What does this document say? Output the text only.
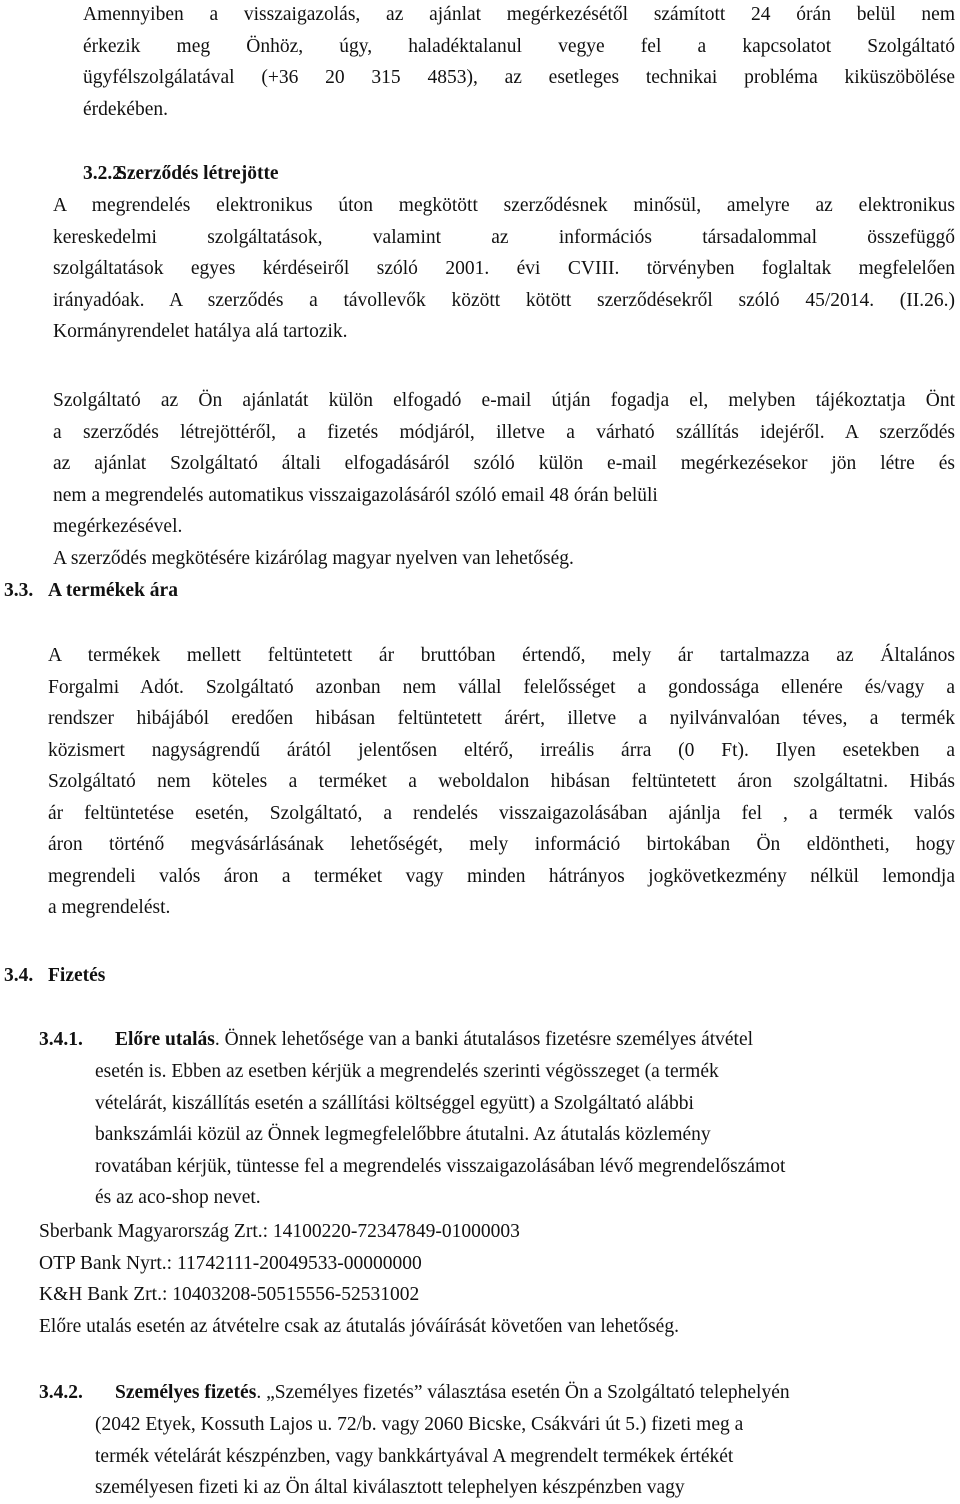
Amennyiben a visszaigazolás, az ajánlat megérkezésétől számított 24 órán belül nem
érkezik meg Önhöz, úgy, haladéktalanul vegye fel a kapcsolatot Szolgáltató
ügyfélszolgálatával (+36 20 315 4853), az esetleges technikai probléma kiküszöbölése
érdekében.
3.2.2.
Szerződés létrejötte
A megrendelés elektronikus úton megkötött szerződésnek minősül, amelyre az elektronikus
kereskedelmi szolgáltatások, valamint az információs társadalommal összefüggő
szolgáltatások egyes kérdéseiről szóló 2001. évi CVIII. törvényben foglaltak megfelelően
irányadóak. A szerződés a távollevők között kötött szerződésekről szóló 45/2014. (II.26.)
Kormányrendelet hatálya alá tartozik.
Szolgáltató az Ön ajánlatát külön elfogadó e-mail útján fogadja el, melyben tájékoztatja Önt
a szerződés létrejöttéről, a fizetés módjáról, illetve a várható szállítás idejéről. A szerződés
az ajánlat Szolgáltató általi elfogadásáról szóló külön e-mail megérkezésekor jön létre és
nem a megrendelés automatikus visszaigazolásáról szóló email 48 órán belüli
megérkezésével.
A szerződés megkötésére kizárólag magyar nyelven van lehetőség.
3.3. A termékek ára
A termékek mellett feltüntetett ár bruttóban értendő, mely ár tartalmazza az Általános
Forgalmi Adót. Szolgáltató azonban nem vállal felelősséget a gondossága ellenére és/vagy a
rendszer hibájából eredően hibásan feltüntetett árért, illetve a nyilvánvalóan téves, a termék
közismert nagyságrendű árától jelentősen eltérő, irreális árra (0 Ft). Ilyen esetekben a
Szolgáltató nem köteles a terméket a weboldalon hibásan feltüntetett áron szolgáltatni. Hibás
ár feltüntetése esetén, Szolgáltató, a rendelés visszaigazolásában ajánlja fel , a termék valós
áron történő megvásárlásának lehetőségét, mely információ birtokában Ön eldöntheti, hogy
megrendeli valós áron a terméket vagy minden hátrányos jogkövetkezmény nélkül lemondja
a megrendelést.
3.4. Fizetés
3.4.1. Előre utalás. Önnek lehetősége van a banki átutalásos fizetésre személyes átvétel
esetén is. Ebben az esetben kérjük a megrendelés szerinti végösszeget (a termék
vételárát, kiszállítás esetén a szállítási költséggel együtt) a Szolgáltató alábbi
bankszámlái közül az Önnek legmegfelelőbbre átutalni. Az átutalás közlemény
rovatában kérjük, tüntesse fel a megrendelés visszaigazolásában lévő megrendelőszámot
és az aco-shop nevet.
Sberbank Magyarország Zrt.: 14100220-72347849-01000003
OTP Bank Nyrt.: 11742111-20049533-00000000
K&H Bank Zrt.: 10403208-50515556-52531002
Előre utalás esetén az átvételre csak az átutalás jóváírását követően van lehetőség.
3.4.2. Személyes fizetés. „Személyes fizetés” választása esetén Ön a Szolgáltató telephelyén
(2042 Etyek, Kossuth Lajos u. 72/b. vagy 2060 Bicske, Csákvári út 5.) fizeti meg a
termék vételárát készpénzben, vagy bankkártyával A megrendelt termékek értékét
személyesen fizeti ki az Ön által kiválasztott telephelyen készpénzben vagy
